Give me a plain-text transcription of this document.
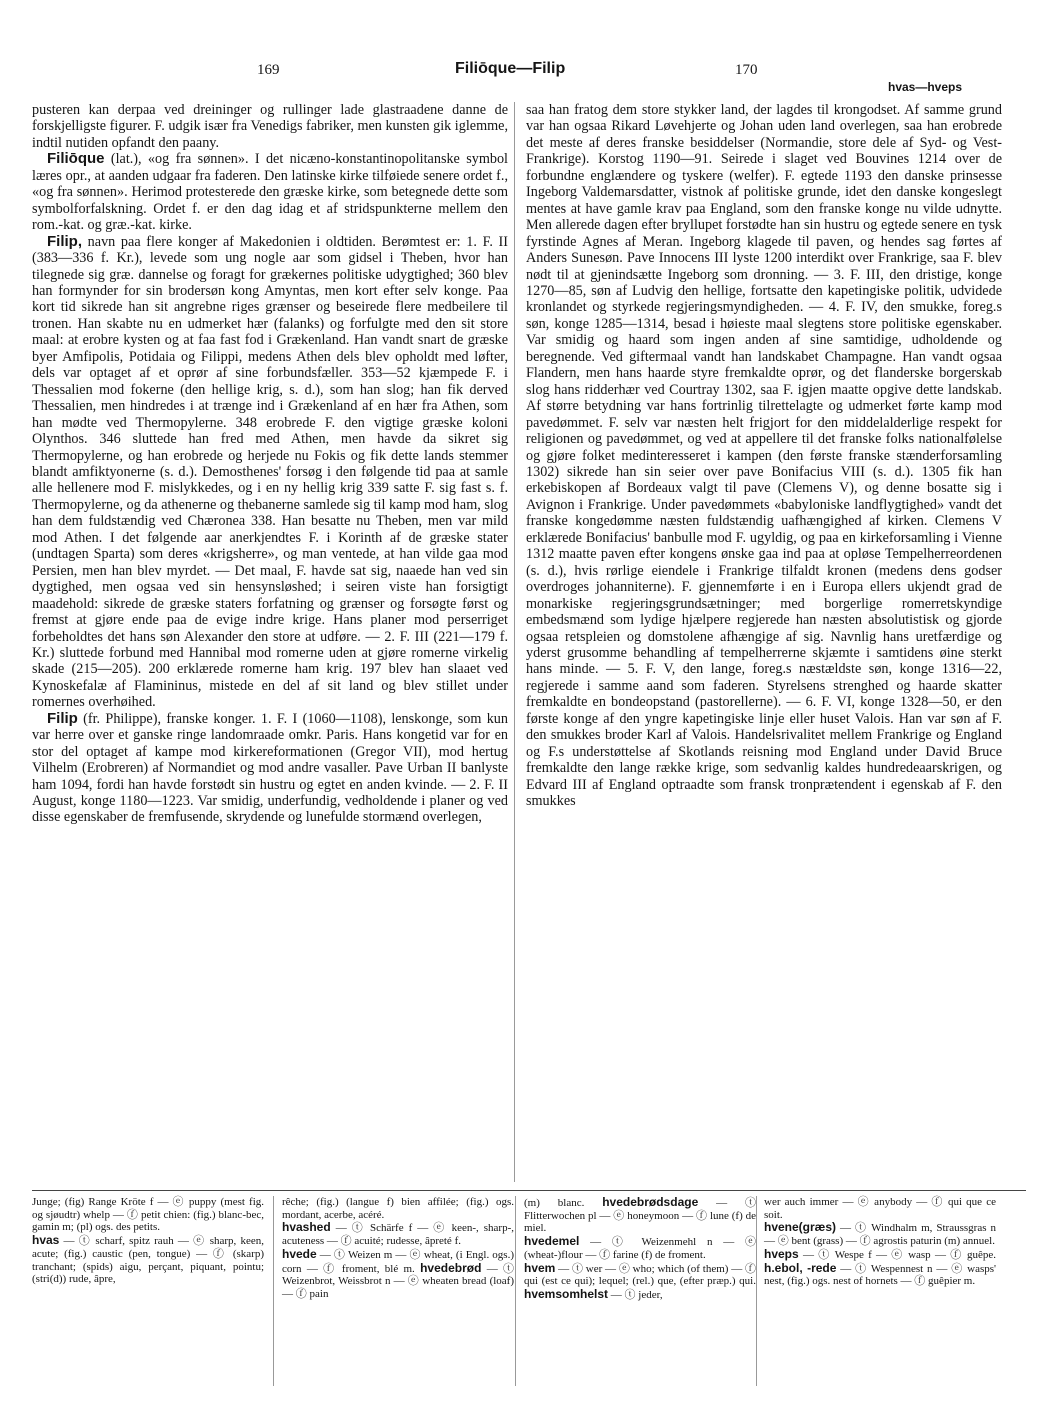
169	Filiōque—Filip	170
hvas—hveps

pusteren kan derpaa ved dreininger og rullinger lade glastraadene danne de forskjelligste figurer. F. udgik især fra Venedigs fabriker, men kunsten gik iglemme, indtil nutiden opfandt den paany.

Filiōque (lat.), «og fra sønnen». I det nicæno-konstantinopolitanske symbol læres opr., at aanden udgaar fra faderen. Den latinske kirke tilføiede senere ordet f., «og fra sønnen». Herimod protesterede den græske kirke, som betegnede dette som symbolforfalskning. Ordet f. er den dag idag et af stridspunkterne mellem den rom.-kat. og græ.-kat. kirke.

Filip, navn paa flere konger af Makedonien i oldtiden. Berømtest er: 1. F. II (383—336 f. Kr.), levede som ung nogle aar som gidsel i Theben, hvor han tilegnede sig græ. dannelse og foragt for grækernes politiske udygtighed; 360 blev han formynder for sin brodersøn kong Amyntas, men kort efter selv konge. Paa kort tid sikrede han sit angrebne riges grænser og beseirede flere medbeilere til tronen. Han skabte nu en udmerket hær (falanks) og forfulgte med den sit store maal: at erobre kysten og at faa fast fod i Grækenland. Han vandt snart de græske byer Amfipolis, Potidaia og Filippi, medens Athen dels blev opholdt med løfter, dels var optaget af et oprør af sine forbundsfæller. 353—52 kjæmpede F. i Thessalien mod fokerne (den hellige krig, s. d.), som han slog; han fik derved Thessalien, men hindredes i at trænge ind i Grækenland af en hær fra Athen, som han mødte ved Thermopylerne. 348 erobrede F. den vigtige græske koloni Olynthos. 346 sluttede han fred med Athen, men havde da sikret sig Thermopylerne, og han erobrede og herjede nu Fokis og fik dette lands stemmer blandt amfiktyonerne (s. d.). Demosthenes' forsøg i den følgende tid paa at samle alle hellenere mod F. mislykkedes, og i en ny hellig krig 339 satte F. sig fast s. f. Thermopylerne, og da athenerne og thebanerne samlede sig til kamp mod ham, slog han dem fuldstændig ved Chæronea 338. Han besatte nu Theben, men var mild mod Athen. I det følgende aar anerkjendtes F. i Korinth af de græske stater (undtagen Sparta) som deres «krigsherre», og man ventede, at han vilde gaa mod Persien, men han blev myrdet. — Det maal, F. havde sat sig, naaede han ved sin dygtighed, men ogsaa ved sin hensynsløshed; i seiren viste han forsigtigt maadehold: sikrede de græske staters forfatning og grænser og forsøgte først og fremst at gjøre ende paa de evige indre krige. Hans planer mod perserriget forbeholdtes det hans søn Alexander den store at udføre. — 2. F. III (221—179 f. Kr.) sluttede forbund med Hannibal mod romerne uden at gjøre romerne virkelig skade (215—205). 200 erklærede romerne ham krig. 197 blev han slaaet ved Kynoskefalæ af Flamininus, mistede en del af sit land og blev stillet under romernes overhøihed.

Filip (fr. Philippe), franske konger. 1. F. I (1060—1108), lenskonge, som kun var herre over et ganske ringe landomraade omkr. Paris. Hans kongetid var for en stor del optaget af kampe mod kirkereformationen (Gregor VII), mod hertug Vilhelm (Erobreren) af Normandiet og mod andre vasaller. Pave Urban II banlyste ham 1094, fordi han havde forstødt sin hustru og egtet en anden kvinde. — 2. F. II August, konge 1180—1223. Var smidig, underfundig, vedholdende i planer og ved disse egenskaber de fremfusende, skrydende og lunefulde stormænd overlegen,

saa han fratog dem store stykker land, der lagdes til krongodset. Af samme grund var han ogsaa Rikard Løvehjerte og Johan uden land overlegen, saa han erobrede det meste af deres franske besiddelser (Normandie, store dele af Syd- og Vest-Frankrige). Korstog 1190—91. Seirede i slaget ved Bouvines 1214 over de forbundne englændere og tyskere (welfer). F. egtede 1193 den danske prinsesse Ingeborg Valdemarsdatter, vistnok af politiske grunde, idet den danske kongeslegt mentes at have gamle krav paa England, som den franske konge nu vilde udnytte. Men allerede dagen efter bryllupet forstødte han sin hustru og egtede senere en tysk fyrstinde Agnes af Meran. Ingeborg klagede til paven, og hendes sag førtes af Anders Sunesøn. Pave Innocens III lyste 1200 interdikt over Frankrige, saa F. blev nødt til at gjenindsætte Ingeborg som dronning. — 3. F. III, den dristige, konge 1270—85, søn af Ludvig den hellige, fortsatte den kapetingiske politik, udvidede kronlandet og styrkede regjeringsmyndigheden. — 4. F. IV, den smukke, foreg.s søn, konge 1285—1314, besad i høieste maal slegtens store politiske egenskaber. Var smidig og haard som ingen anden af sine samtidige, udholdende og beregnende. Ved giftermaal vandt han landskabet Champagne. Han vandt ogsaa Flandern, men hans haarde styre fremkaldte oprør, og det flanderske borgerskab slog hans ridderhær ved Courtray 1302, saa F. igjen maatte opgive dette landskab. Af større betydning var hans fortrinlig tilrettelagte og udmerket førte kamp mod pavedømmet. F. selv var næsten helt frigjort for den middelalderlige respekt for religionen og pavedømmet, og ved at appellere til det franske folks nationalfølelse og gjøre folket medinteresseret i kampen (den første franske stænderforsamling 1302) sikrede han sin seier over pave Bonifacius VIII (s. d.). 1305 fik han erkebiskopen af Bordeaux valgt til pave (Clemens V), og denne bosatte sig i Avignon i Frankrige. Under pavedømmets «babyloniske landflygtighed» vandt det franske kongedømme næsten fuldstændig uafhængighed af kirken. Clemens V erklærede Bonifacius' banbulle mod F. ugyldig, og paa en kirkeforsamling i Vienne 1312 maatte paven efter kongens ønske gaa ind paa at opløse Tempelherreordenen (s. d.), hvis rørlige eiendele i Frankrige tilfaldt kronen (medens dens godser overdroges johanniterne). F. gjennemførte i en i Europa ellers ukjendt grad de monarkiske regjeringsgrundsætninger; med borgerlige romerretskyndige embedsmænd som lydige hjælpere regjerede han næsten absolutistisk og gjorde ogsaa retspleien og domstolene afhængige af sig. Navnlig hans uretfærdige og yderst grusomme behandling af tempelherrerne skjæmte i samtidens øine sterkt hans minde. — 5. F. V, den lange, foreg.s næstældste søn, konge 1316—22, regjerede i samme aand som faderen. Styrelsens strenghed og haarde skatter fremkaldte en bondeopstand (pastorellerne). — 6. F. VI, konge 1328—50, er den første konge af den yngre kapetingiske linje eller huset Valois. Han var søn af F. den smukkes broder Karl af Valois. Handelsrivalitet mellem Frankrige og England og F.s understøttelse af Skotlands reisning mod England under David Bruce fremkaldte den lange række krige, som sedvanlig kaldes hundredeaarskrigen, og Edvard III af England optraadte som fransk tronprætendent i egenskab af F. den smukkes

Junge; (fig) Range Kröte f — ⓔ puppy (mest fig. og sjøudtr) whelp — ⓕ petit chien: (fig.) blanc-bec, gamin m; (pl) ogs. des petits.

hvas — ⓣ scharf, spitz rauh — ⓔ sharp, keen, acute; (fig.) caustic (pen, tongue) — ⓕ (skarp) tranchant; (spids) aigu, perçant, piquant, pointu; (stri(d)) rude, âpre,

rêche; (fig.) (langue f) bien affilée; (fig.) ogs. mordant, acerbe, acéré.

hvashed — ⓣ Schärfe f — ⓔ keen-, sharp-, acuteness — ⓕ acuité; rudesse, âpreté f.

hvede — ⓣ Weizen m — ⓔ wheat, (i Engl. ogs.) corn — ⓕ froment, blé m. hvedebrød — ⓣ Weizenbrot, Weissbrot n — ⓔ wheaten bread (loaf) — ⓕ pain

(m) blanc. hvedebrødsdage — ⓣ Flitterwochen pl — ⓔ honeymoon — ⓕ lune (f) de miel.

hvedemel — ⓣ Weizenmehl n — ⓔ (wheat-)flour — ⓕ farine (f) de froment.

hvem — ⓣ wer — ⓔ who; which (of them) — ⓕ qui (est ce qui); lequel; (rel.) que, (efter præp.) qui. hvemsomhelst — ⓣ jeder,

wer auch immer — ⓔ anybody — ⓕ qui que ce soit.

hvene(græs) — ⓣ Windhalm m, Straussgras n — ⓔ bent (grass) — ⓕ agrostis paturin (m) annuel.

hveps — ⓣ Wespe f — ⓔ wasp — ⓕ guêpe. h.ebol, -rede — ⓣ Wespennest n — ⓔ wasps' nest, (fig.) ogs. nest of hornets — ⓕ guêpier m.
